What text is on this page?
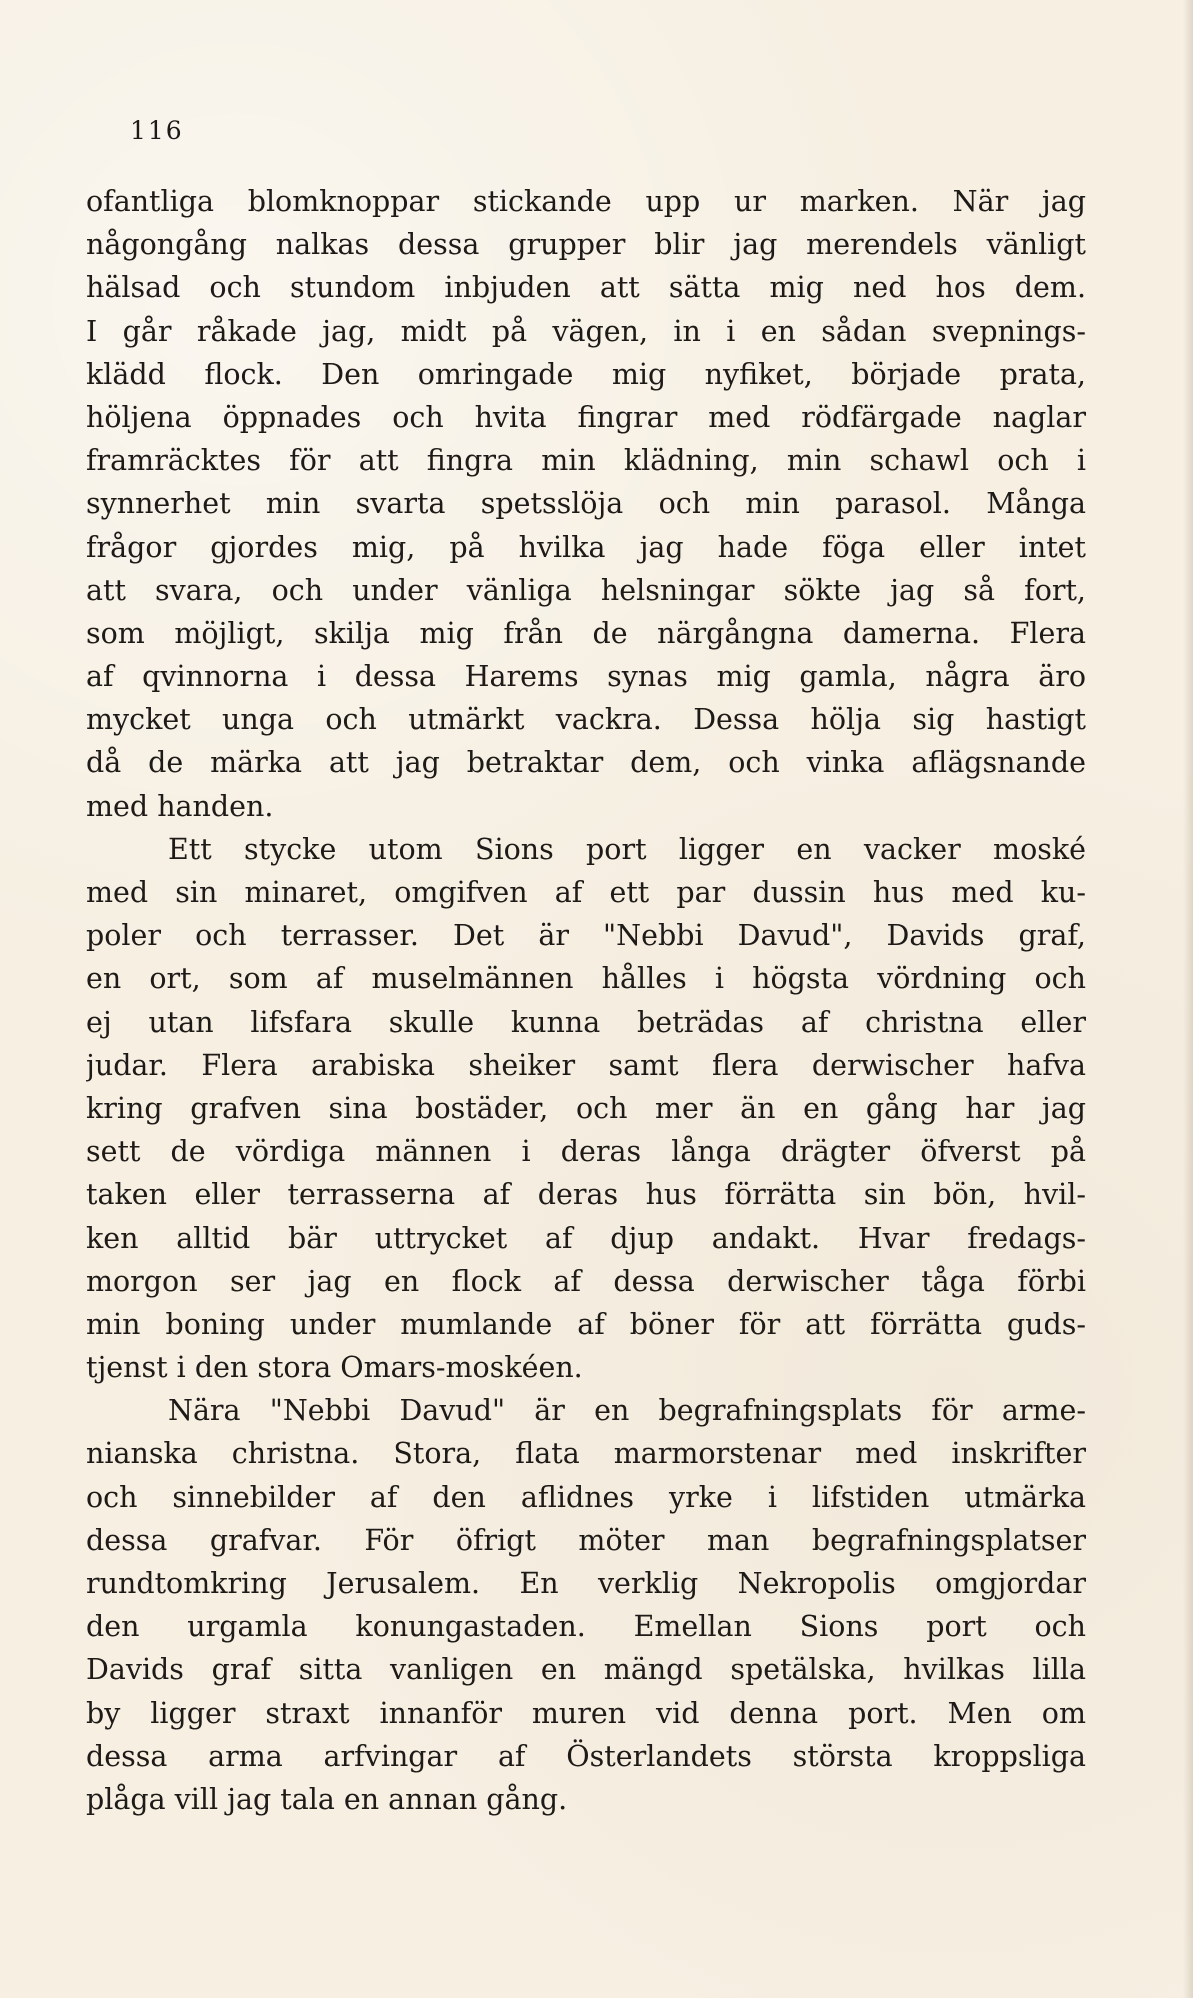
116

ofantliga blomknoppar stickande upp ur marken. När jag
någongång nalkas dessa grupper blir jag merendels vänligt
hälsad och stundom inbjuden att sätta mig ned hos dem.
I går råkade jag, midt på vägen, in i en sådan svepnings-
klädd flock. Den omringade mig nyfiket, började prata,
höljena öppnades och hvita fingrar med rödfärgade naglar
framräcktes för att fingra min klädning, min schawl och i
synnerhet min svarta spetsslöja och min parasol. Många
frågor gjordes mig, på hvilka jag hade föga eller intet
att svara, och under vänliga helsningar sökte jag så fort,
som möjligt, skilja mig från de närgångna damerna. Flera
af qvinnorna i dessa Harems synas mig gamla, några äro
mycket unga och utmärkt vackra. Dessa hölja sig hastigt
då de märka att jag betraktar dem, och vinka aflägsnande
med handen.

Ett stycke utom Sions port ligger en vacker moské
med sin minaret, omgifven af ett par dussin hus med ku-
poler och terrasser. Det är "Nebbi Davud", Davids graf,
en ort, som af muselmännen hålles i högsta vördning och
ej utan lifsfara skulle kunna beträdas af christna eller
judar. Flera arabiska sheiker samt flera derwischer hafva
kring grafven sina bostäder, och mer än en gång har jag
sett de vördiga männen i deras långa drägter öfverst på
taken eller terrasserna af deras hus förrätta sin bön, hvil-
ken alltid bär uttrycket af djup andakt. Hvar fredags-
morgon ser jag en flock af dessa derwischer tåga förbi
min boning under mumlande af böner för att förrätta guds-
tjenst i den stora Omars-moskéen.

Nära "Nebbi Davud" är en begrafningsplats för arme-
nianska christna. Stora, flata marmorstenar med inskrifter
och sinnebilder af den aflidnes yrke i lifstiden utmärka
dessa grafvar. För öfrigt möter man begrafningsplatser
rundtomkring Jerusalem. En verklig Nekropolis omgjordar
den urgamla konungastaden. Emellan Sions port och
Davids graf sitta vanligen en mängd spetälska, hvilkas lilla
by ligger straxt innanför muren vid denna port. Men om
dessa arma arfvingar af Österlandets största kroppsliga
plåga vill jag tala en annan gång.
